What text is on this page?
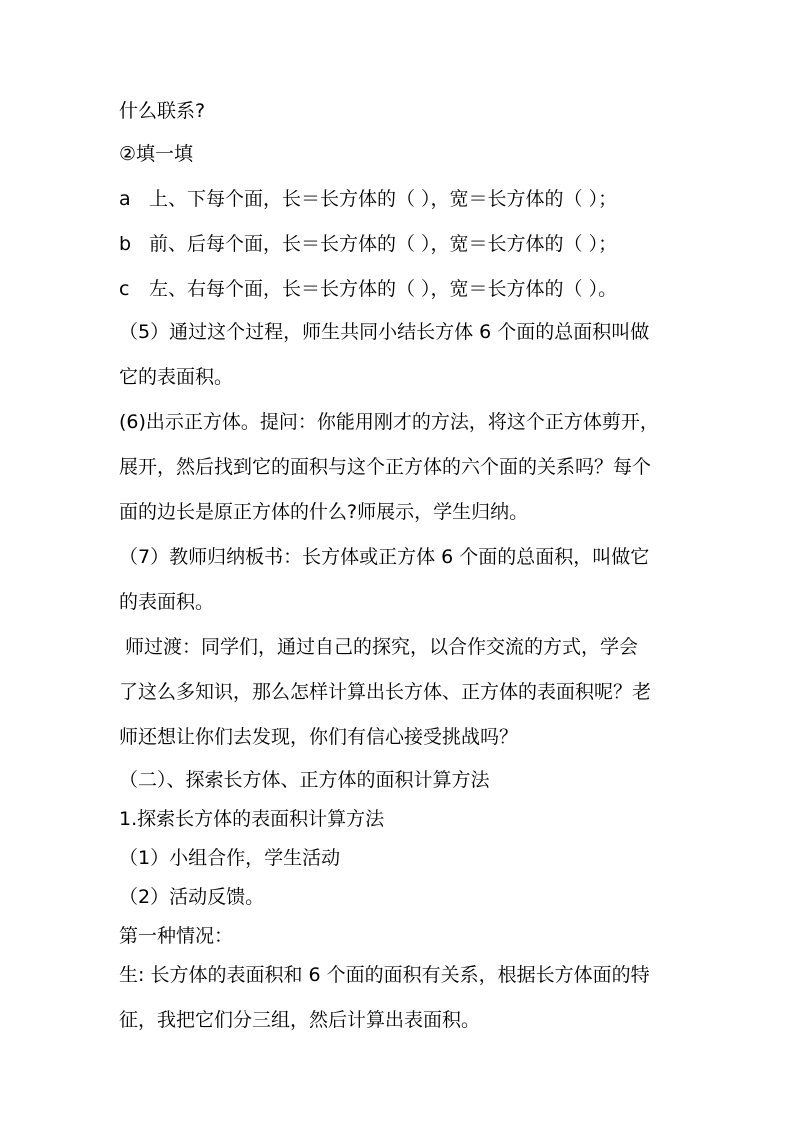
什么联系?
②填一填
a 上、下每个面，长＝长方体的（ ），宽＝长方体的（ ）；
b 前、后每个面，长＝长方体的（ ），宽＝长方体的（ ）；
c 左、右每个面，长＝长方体的（ ），宽＝长方体的（ ）。
（5）通过这个过程，师生共同小结长方体 6 个面的总面积叫做
它的表面积。
(6)出示正方体。提问：你能用刚才的方法，将这个正方体剪开，
展开，然后找到它的面积与这个正方体的六个面的关系吗？每个
面的边长是原正方体的什么?师展示，学生归纳。
（7）教师归纳板书：长方体或正方体 6 个面的总面积，叫做它
的表面积。
师过渡：同学们，通过自己的探究，以合作交流的方式，学会
了这么多知识，那么怎样计算出长方体、正方体的表面积呢？老
师还想让你们去发现，你们有信心接受挑战吗？
（二）、探索长方体、正方体的面积计算方法
1.探索长方体的表面积计算方法
（1）小组合作，学生活动
（2）活动反馈。
第一种情况：
生: 长方体的表面积和 6 个面的面积有关系，根据长方体面的特
征，我把它们分三组，然后计算出表面积。
